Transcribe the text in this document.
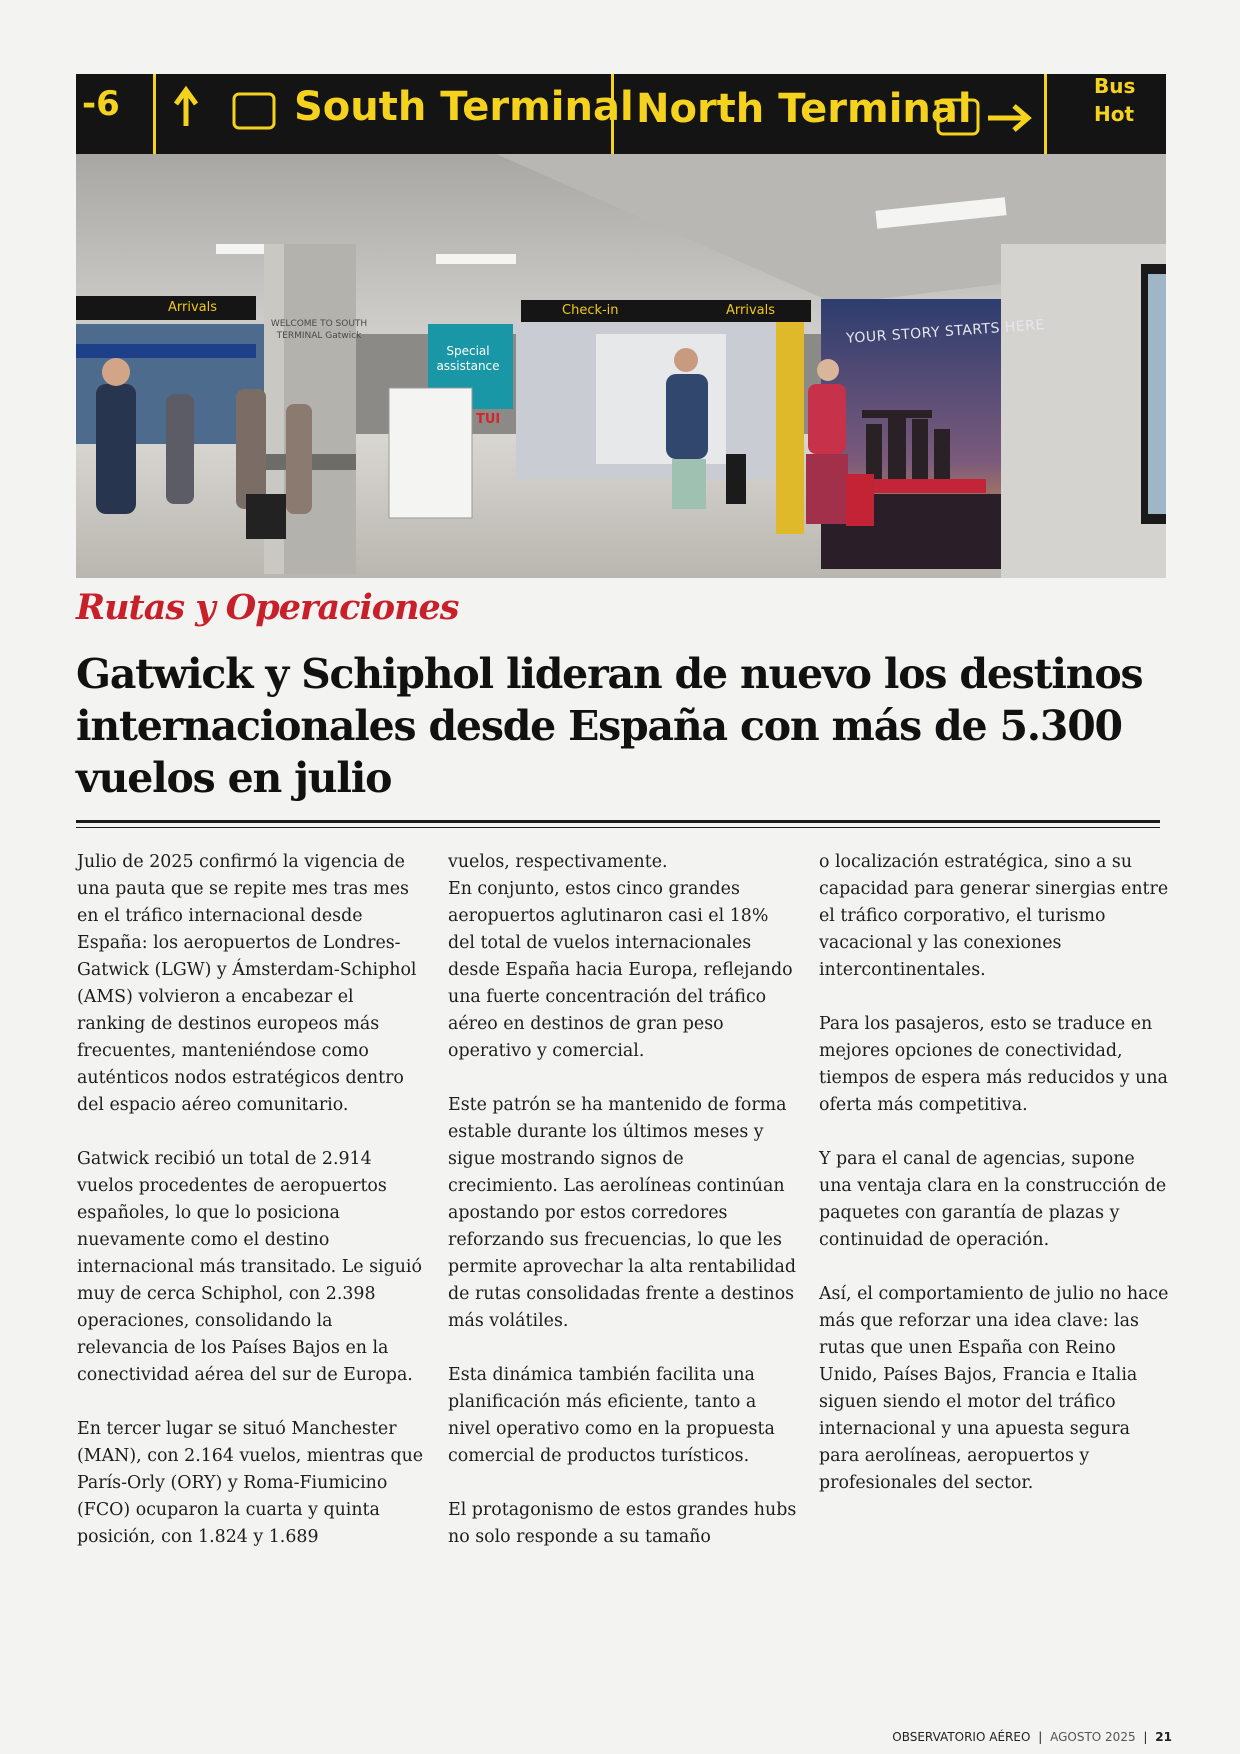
-6	South Terminal North Terminal	Bus
Hot
Arrivals	Check-in	Arrivals
WELCOME TO SOUTH TERMINAL Gatwick
Special assistance
TUI
YOUR STORY STARTS HERE
Rutas y Operaciones
Gatwick y Schiphol lideran de nuevo los destinos internacionales desde España con más de 5.300 vuelos en julio

Julio de 2025 confirmó la vigencia de una pauta que se repite mes tras mes en el tráfico internacional desde España: los aeropuertos de Londres-Gatwick (LGW) y Ámsterdam-Schiphol (AMS) volvieron a encabezar el ranking de destinos europeos más frecuentes, manteniéndose como auténticos nodos estratégicos dentro del espacio aéreo comunitario.

Gatwick recibió un total de 2.914 vuelos procedentes de aeropuertos españoles, lo que lo posiciona nuevamente como el destino internacional más transitado. Le siguió muy de cerca Schiphol, con 2.398 operaciones, consolidando la relevancia de los Países Bajos en la conectividad aérea del sur de Europa.

En tercer lugar se situó Manchester (MAN), con 2.164 vuelos, mientras que París-Orly (ORY) y Roma-Fiumicino (FCO) ocuparon la cuarta y quinta posición, con 1.824 y 1.689

vuelos, respectivamente.

En conjunto, estos cinco grandes aeropuertos aglutinaron casi el 18% del total de vuelos internacionales desde España hacia Europa, reflejando una fuerte concentración del tráfico aéreo en destinos de gran peso operativo y comercial.

Este patrón se ha mantenido de forma estable durante los últimos meses y sigue mostrando signos de crecimiento. Las aerolíneas continúan apostando por estos corredores reforzando sus frecuencias, lo que les permite aprovechar la alta rentabilidad de rutas consolidadas frente a destinos más volátiles.

Esta dinámica también facilita una planificación más eficiente, tanto a nivel operativo como en la propuesta comercial de productos turísticos.

El protagonismo de estos grandes hubs no solo responde a su tamaño

o localización estratégica, sino a su capacidad para generar sinergias entre el tráfico corporativo, el turismo vacacional y las conexiones intercontinentales.

Para los pasajeros, esto se traduce en mejores opciones de conectividad, tiempos de espera más reducidos y una oferta más competitiva.

Y para el canal de agencias, supone una ventaja clara en la construcción de paquetes con garantía de plazas y continuidad de operación.

Así, el comportamiento de julio no hace más que reforzar una idea clave: las rutas que unen España con Reino Unido, Países Bajos, Francia e Italia siguen siendo el motor del tráfico internacional y una apuesta segura para aerolíneas, aeropuertos y profesionales del sector.

OBSERVATORIO AÉREO | AGOSTO 2025 | 21
